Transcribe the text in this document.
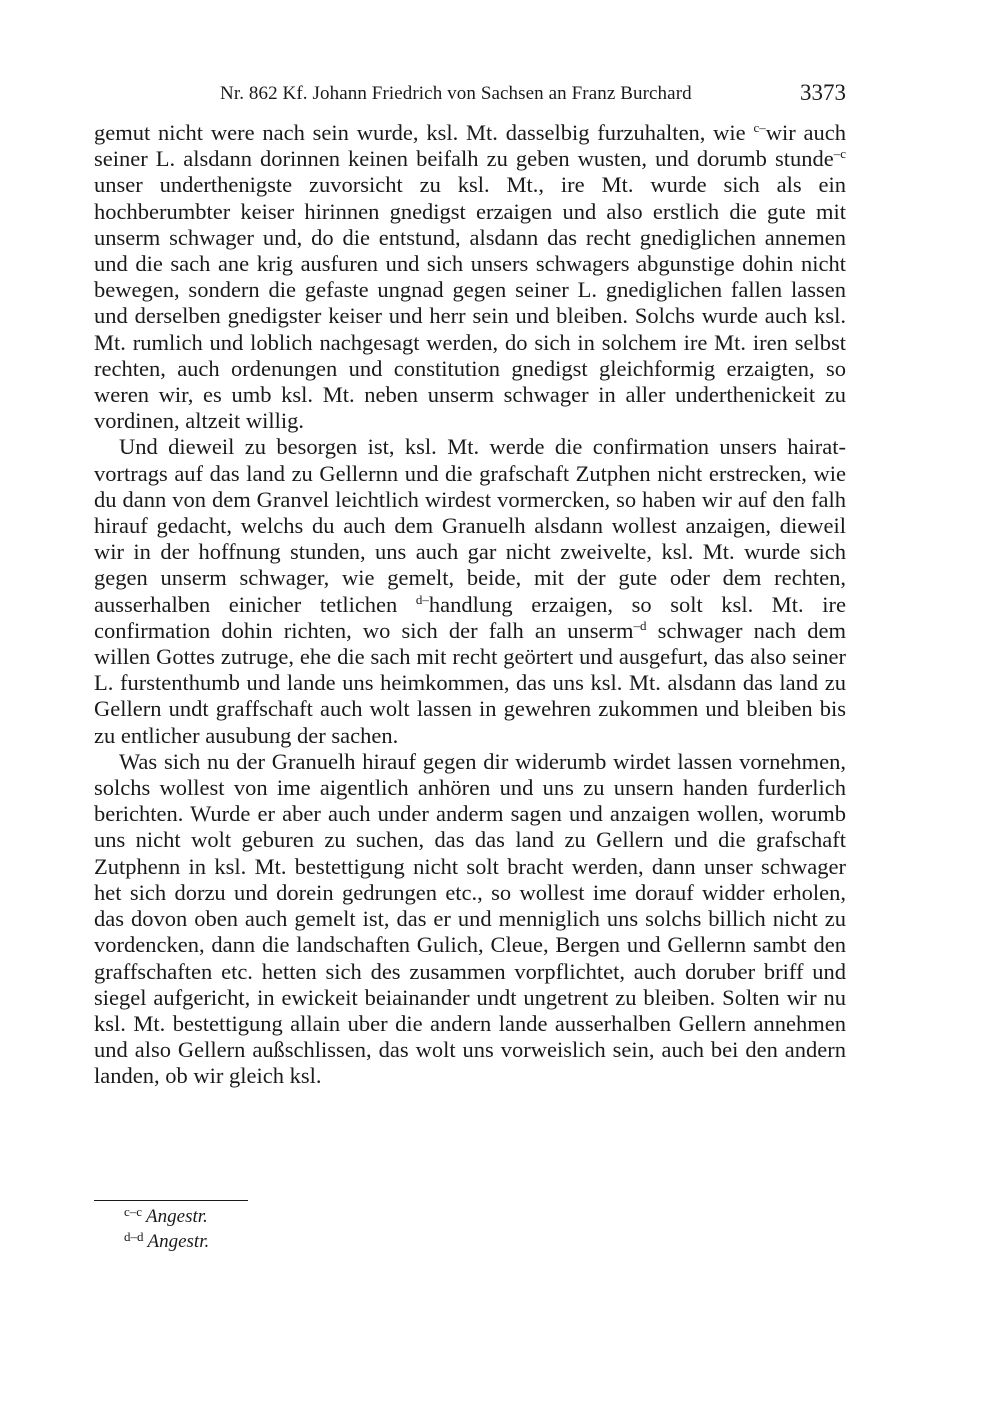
Nr. 862 Kf. Johann Friedrich von Sachsen an Franz Burchard	3373

gemut nicht were nach sein wurde, ksl. Mt. dasselbig furzuhalten, wie $^{c-}$wir auch seiner L. alsdann dorinnen keinen beifalh zu geben wusten, und dorumb stunde$^{-c}$ unser underthenigste zuvorsicht zu ksl. Mt., ire Mt. wurde sich als ein hochberumbter keiser hirinnen gnedigst erzaigen und also erstlich die gute mit unserm schwager und, do die entstund, alsdann das recht gnediglichen annemen und die sach ane krig ausfuren und sich unsers schwagers abgunstige dohin nicht bewegen, sondern die gefaste ungnad gegen seiner L. gnediglichen fallen lassen und derselben gnedigster keiser und herr sein und bleiben. Solchs wurde auch ksl. Mt. rumlich und loblich nachgesagt werden, do sich in solchem ire Mt. iren selbst rechten, auch ordenungen und constitution gnedigst gleichformig erzaigten, so weren wir, es umb ksl. Mt. neben unserm schwager in aller underthenickeit zu vordinen, altzeit willig.

Und dieweil zu besorgen ist, ksl. Mt. werde die confirmation unsers hairatvortrags auf das land zu Gellernn und die grafschaft Zutphen nicht erstrecken, wie du dann von dem Granvel leichtlich wirdest vormercken, so haben wir auf den falh hirauf gedacht, welchs du auch dem Granuelh alsdann wollest anzaigen, dieweil wir in der hoffnung stunden, uns auch gar nicht zweivelte, ksl. Mt. wurde sich gegen unserm schwager, wie gemelt, beide, mit der gute oder dem rechten, ausserhalben einicher tetlichen $^{d-}$handlung erzaigen, so solt ksl. Mt. ire confirmation dohin richten, wo sich der falh an unserm$^{-d}$ schwager nach dem willen Gottes zutruge, ehe die sach mit recht geörtert und ausgefurt, das also seiner L. furstenthumb und lande uns heimkommen, das uns ksl. Mt. alsdann das land zu Gellern undt graffschaft auch wolt lassen in gewehren zukommen und bleiben bis zu entlicher ausubung der sachen.

Was sich nu der Granuelh hirauf gegen dir widerumb wirdet lassen vornehmen, solchs wollest von ime aigentlich anhören und uns zu unsern handen furderlich berichten. Wurde er aber auch under anderm sagen und anzaigen wollen, worumb uns nicht wolt geburen zu suchen, das das land zu Gellern und die grafschaft Zutphenn in ksl. Mt. bestettigung nicht solt bracht werden, dann unser schwager het sich dorzu und dorein gedrungen etc., so wollest ime dorauf widder erholen, das dovon oben auch gemelt ist, das er und menniglich uns solchs billich nicht zu vordencken, dann die landschaften Gulich, Cleue, Bergen und Gellernn sambt den graffschaften etc. hetten sich des zusammen vorpflichtet, auch doruber briff und siegel aufgericht, in ewickeit beiainander undt ungetrent zu bleiben. Solten wir nu ksl. Mt. bestettigung allain uber die andern lande ausserhalben Gellern annehmen und also Gellern außschlissen, das wolt uns vorweislich sein, auch bei den andern landen, ob wir gleich ksl.

$^{c-c}$ Angestr.
$^{d-d}$ Angestr.
